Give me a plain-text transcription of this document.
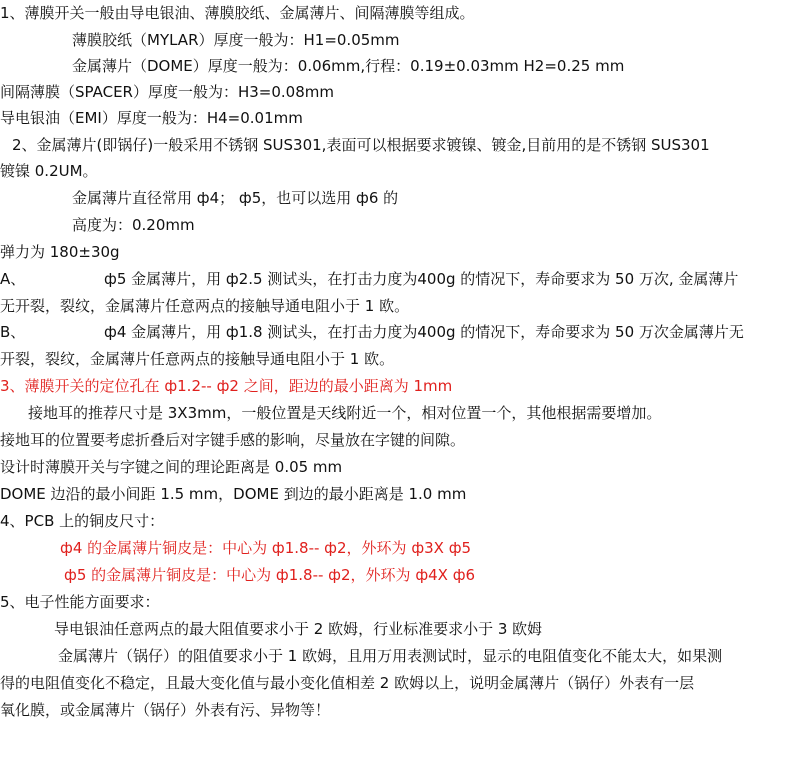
1、薄膜开关一般由导电银油、薄膜胶纸、金属薄片、间隔薄膜等组成。
薄膜胶纸（MYLAR）厚度一般为：H1=0.05mm
金属薄片（DOME）厚度一般为：0.06mm,行程：0.19±0.03mm H2=0.25 mm
间隔薄膜（SPACER）厚度一般为：H3=0.08mm
导电银油（EMI）厚度一般为：H4=0.01mm
2、金属薄片(即锅仔)一般采用不锈钢 SUS301,表面可以根据要求镀镍、镀金,目前用的是不锈钢 SUS301
镀镍 0.2UM。
金属薄片直径常用 ф4； ф5，也可以选用 ф6 的
高度为：0.20mm
弹力为 180±30g
A、	ф5 金属薄片，用 ф2.5 测试头，在打击力度为400g 的情况下，寿命要求为 50 万次, 金属薄片
无开裂，裂纹，金属薄片任意两点的接触导通电阻小于 1 欧。
B、	ф4 金属薄片，用 ф1.8 测试头，在打击力度为400g 的情况下，寿命要求为 50 万次金属薄片无
开裂，裂纹，金属薄片任意两点的接触导通电阻小于 1 欧。
3、薄膜开关的定位孔在 ф1.2-- ф2 之间，距边的最小距离为 1mm
接地耳的推荐尺寸是 3X3mm，一般位置是天线附近一个，相对位置一个，其他根据需要增加。
接地耳的位置要考虑折叠后对字键手感的影响，尽量放在字键的间隙。
设计时薄膜开关与字键之间的理论距离是 0.05 mm
DOME 边沿的最小间距 1.5 mm，DOME 到边的最小距离是 1.0 mm
4、PCB 上的铜皮尺寸：
ф4 的金属薄片铜皮是：中心为 ф1.8-- ф2，外环为 ф3X ф5
ф5 的金属薄片铜皮是：中心为 ф1.8-- ф2，外环为 ф4X ф6
5、电子性能方面要求：
导电银油任意两点的最大阻值要求小于 2 欧姆，行业标准要求小于 3 欧姆
金属薄片（锅仔）的阻值要求小于 1 欧姆，且用万用表测试时，显示的电阻值变化不能太大，如果测
得的电阻值变化不稳定，且最大变化值与最小变化值相差 2 欧姆以上，说明金属薄片（锅仔）外表有一层
氧化膜，或金属薄片（锅仔）外表有污、异物等！
